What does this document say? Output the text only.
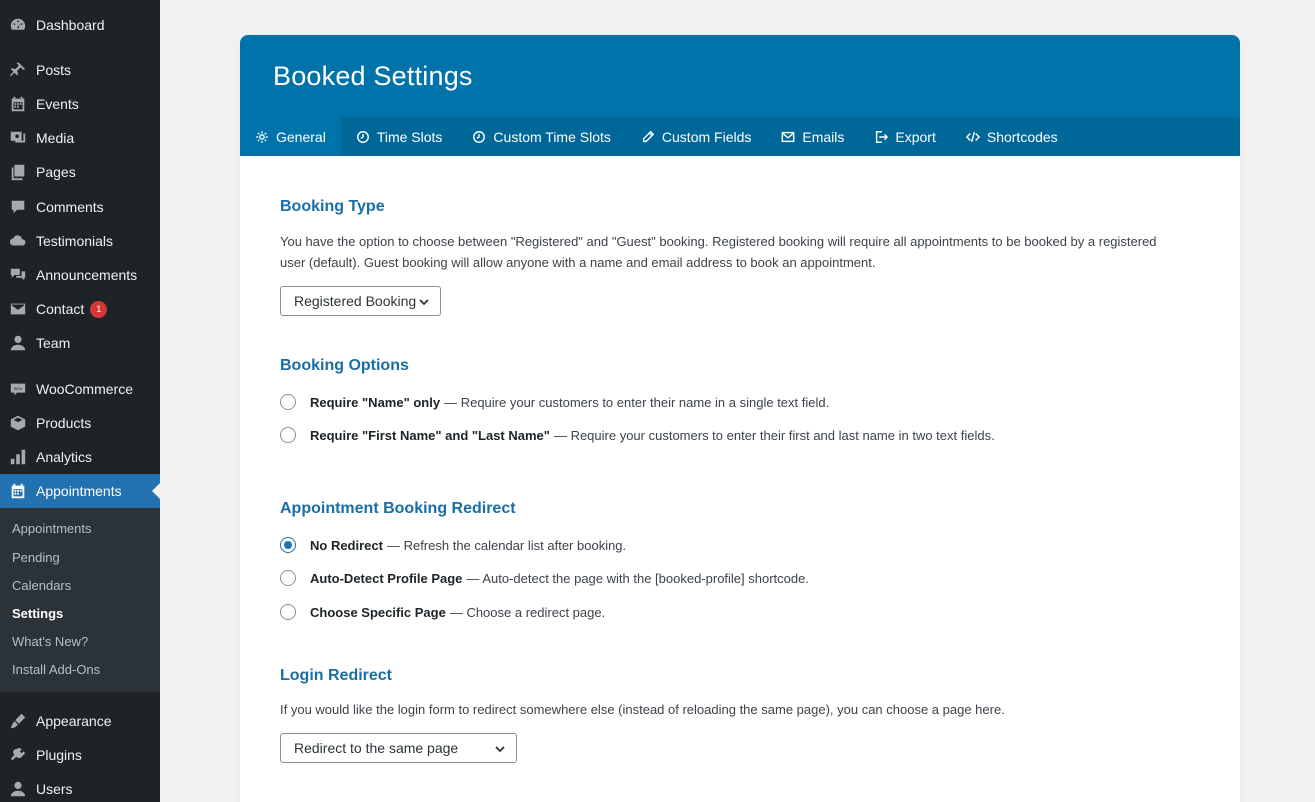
Dashboard
Posts
Events
Media
Pages
Comments
Testimonials
Announcements
Contact	1
Team
woo WooCommerce
Products
Analytics
Appointments
Appointments
Pending
Calendars
Settings
What's New?
Install Add-Ons
Appearance
Plugins
Users
Booked Settings
General	Time Slots	Custom Time Slots	Custom Fields	Emails	Export	Shortcodes
Booking Type
You have the option to choose between "Registered" and "Guest" booking. Registered booking will require all appointments to be booked by a registered
user (default). Guest booking will allow anyone with a name and email address to book an appointment.
Registered Booking
Booking Options
Require "Name" only — Require your customers to enter their name in a single text field.
Require "First Name" and "Last Name" — Require your customers to enter their first and last name in two text fields.
Appointment Booking Redirect
No Redirect — Refresh the calendar list after booking.
Auto-Detect Profile Page — Auto-detect the page with the [booked-profile] shortcode.
Choose Specific Page — Choose a redirect page.
Login Redirect
If you would like the login form to redirect somewhere else (instead of reloading the same page), you can choose a page here.
Redirect to the same page
